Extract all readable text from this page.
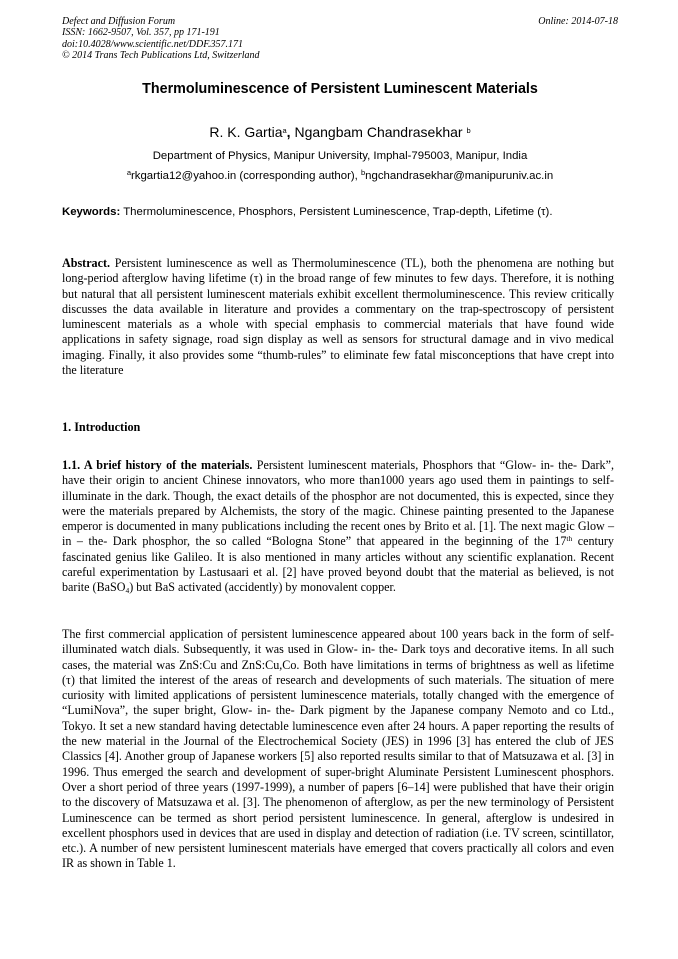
Defect and Diffusion Forum
ISSN: 1662-9507, Vol. 357, pp 171-191
doi:10.4028/www.scientific.net/DDF.357.171
© 2014 Trans Tech Publications Ltd, Switzerland
Online: 2014-07-18
Thermoluminescence of Persistent Luminescent Materials
R. K. Gartia$^a$, Ngangbam Chandrasekhar $^b$
Department of Physics, Manipur University, Imphal-795003, Manipur, India
$^a$rkgartia12@yahoo.in (corresponding author), $^b$ngchandrasekhar@manipuruniv.ac.in
Keywords: Thermoluminescence, Phosphors, Persistent Luminescence, Trap-depth, Lifetime (τ).

Abstract. Persistent luminescence as well as Thermoluminescence (TL), both the phenomena are nothing but long-period afterglow having lifetime (τ) in the broad range of few minutes to few days. Therefore, it is nothing but natural that all persistent luminescent materials exhibit excellent thermoluminescence. This review critically discusses the data available in literature and provides a commentary on the trap-spectroscopy of persistent luminescent materials as a whole with special emphasis to commercial materials that have found wide applications in safety signage, road sign display as well as sensors for structural damage and in vivo medical imaging. Finally, it also provides some “thumb-rules” to eliminate few fatal misconceptions that have crept into the literature

1. Introduction

1.1. A brief history of the materials. Persistent luminescent materials, Phosphors that “Glow- in- the- Dark”, have their origin to ancient Chinese innovators, who more than1000 years ago used them in paintings to self-illuminate in the dark. Though, the exact details of the phosphor are not documented, this is expected, since they were the materials prepared by Alchemists, the story of the magic. Chinese painting presented to the Japanese emperor is documented in many publications including the recent ones by Brito et al. [1]. The next magic Glow – in – the- Dark phosphor, the so called “Bologna Stone” that appeared in the beginning of the 17th century fascinated genius like Galileo. It is also mentioned in many articles without any scientific explanation. Recent careful experimentation by Lastusaari et al. [2] have proved beyond doubt that the material as believed, is not barite (BaSO$_4$) but BaS activated (accidently) by monovalent copper.

The first commercial application of persistent luminescence appeared about 100 years back in the form of self-illuminated watch dials. Subsequently, it was used in Glow- in- the- Dark toys and decorative items. In all such cases, the material was ZnS:Cu and ZnS:Cu,Co. Both have limitations in terms of brightness as well as lifetime (τ) that limited the interest of the areas of research and developments of such materials. The situation of mere curiosity with limited applications of persistent luminescence materials, totally changed with the emergence of “LumiNova”, the super bright, Glow- in- the- Dark pigment by the Japanese company Nemoto and co Ltd., Tokyo. It set a new standard having detectable luminescence even after 24 hours. A paper reporting the results of the new material in the Journal of the Electrochemical Society (JES) in 1996 [3] has entered the club of JES Classics [4]. Another group of Japanese workers [5] also reported results similar to that of Matsuzawa et al. [3] in 1996. Thus emerged the search and development of super-bright Aluminate Persistent Luminescent phosphors. Over a short period of three years (1997-1999), a number of papers [6–14] were published that have their origin to the discovery of Matsuzawa et al. [3]. The phenomenon of afterglow, as per the new terminology of Persistent Luminescence can be termed as short period persistent luminescence. In general, afterglow is undesired in excellent phosphors used in devices that are used in display and detection of radiation (i.e. TV screen, scintillator, etc.). A number of new persistent luminescent materials have emerged that covers practically all colors and even IR as shown in Table 1.
